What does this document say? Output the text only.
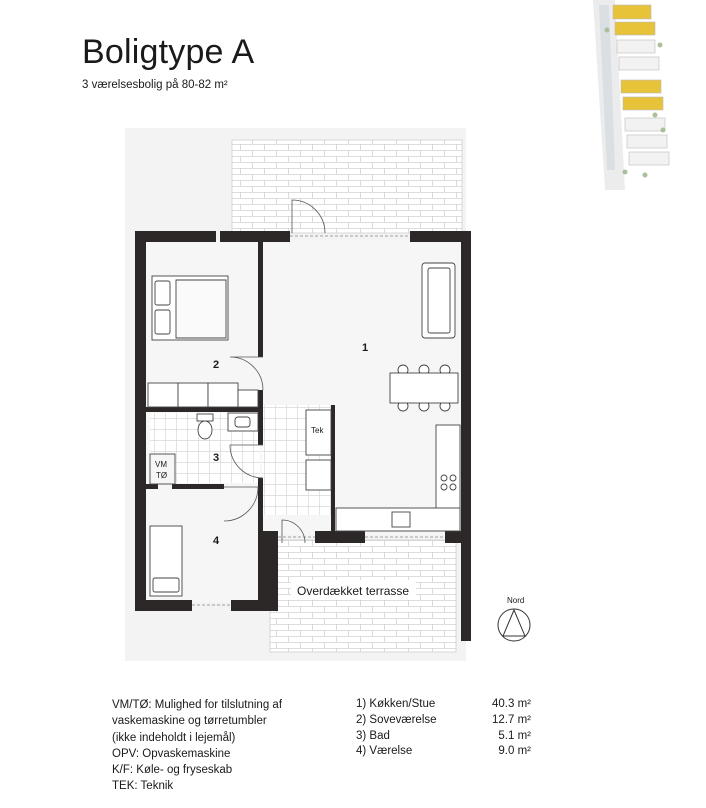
Boligtype A
3 værelsesbolig på 80-82 m²
1
2
3
4
VM
TØ
Tek
Overdækket terrasse
Nord
VM/TØ: Mulighed for tilslutning af
vaskemaskine og tørretumbler
(ikke indeholdt i lejemål)
OPV: Opvaskemaskine
K/F: Køle- og fryseskab
TEK: Teknik
1) Køkken/Stue	40.3 m²
2) Soveværelse	12.7 m²
3) Bad	5.1 m²
4) Værelse	9.0 m²
